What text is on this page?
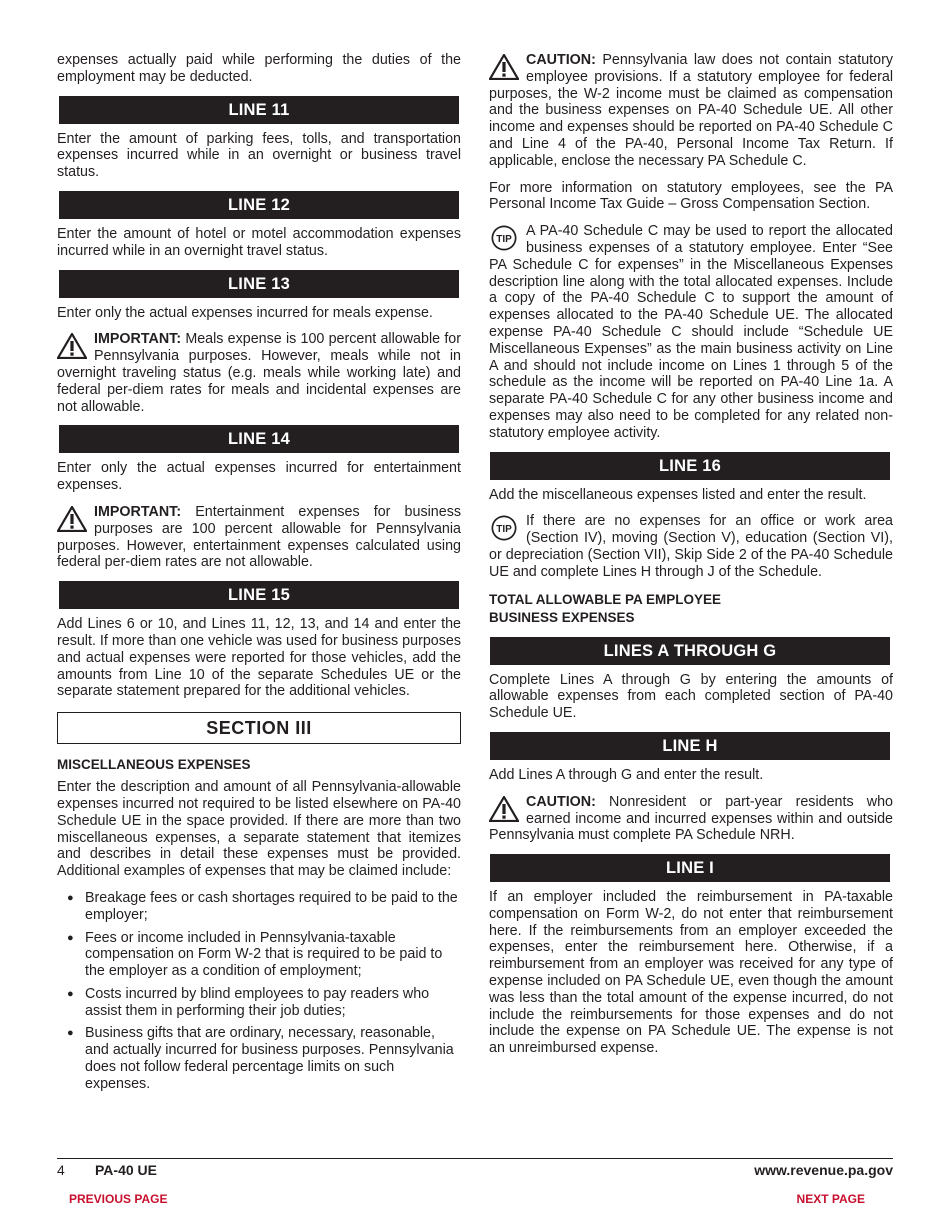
expenses actually paid while performing the duties of the employment may be deducted.

LINE 11

Enter the amount of parking fees, tolls, and transportation expenses incurred while in an overnight or business travel status.

LINE 12

Enter the amount of hotel or motel accommodation expenses incurred while in an overnight travel status.

LINE 13

Enter only the actual expenses incurred for meals expense.

IMPORTANT: Meals expense is 100 percent allowable for Pennsylvania purposes. However, meals while not in overnight traveling status (e.g. meals while working late) and federal per-diem rates for meals and incidental expenses are not allowable.
LINE 14

Enter only the actual expenses incurred for entertainment expenses.

IMPORTANT: Entertainment expenses for business purposes are 100 percent allowable for Pennsylvania purposes. However, entertainment expenses calculated using federal per-diem rates are not allowable.
LINE 15

Add Lines 6 or 10, and Lines 11, 12, 13, and 14 and enter the result. If more than one vehicle was used for business purposes and actual expenses were reported for those vehicles, add the amounts from Line 10 of the separate Schedules UE or the separate statement prepared for the additional vehicles.

SECTION III
MISCELLANEOUS EXPENSES

Enter the description and amount of all Pennsylvania-allowable expenses incurred not required to be listed elsewhere on PA-40 Schedule UE in the space provided. If there are more than two miscellaneous expenses, a separate statement that itemizes and describes in detail these expenses must be provided. Additional examples of expenses that may be claimed include:

● Breakage fees or cash shortages required to be paid to the employer;
● Fees or income included in Pennsylvania-taxable compensation on Form W-2 that is required to be paid to the employer as a condition of employment;
● Costs incurred by blind employees to pay readers who assist them in performing their job duties;
● Business gifts that are ordinary, necessary, reasonable, and actually incurred for business purposes. Pennsylvania does not follow federal percentage limits on such expenses.
CAUTION: Pennsylvania law does not contain statutory employee provisions. If a statutory employee for federal purposes, the W-2 income must be claimed as compensation and the business expenses on PA-40 Schedule UE. All other income and expenses should be reported on PA-40 Schedule C and Line 4 of the PA-40, Personal Income Tax Return. If applicable, enclose the necessary PA Schedule C.

For more information on statutory employees, see the PA Personal Income Tax Guide – Gross Compensation Section.

TIP
A PA-40 Schedule C may be used to report the allocated business expenses of a statutory employee. Enter “See PA Schedule C for expenses” in the Miscellaneous Expenses description line along with the total allocated expenses. Include a copy of the PA-40 Schedule C to support the amount of expenses allocated to the PA-40 Schedule UE. The allocated expense PA-40 Schedule C should include “Schedule UE Miscellaneous Expenses” as the main business activity on Line A and should not include income on Lines 1 through 5 of the schedule as the income will be reported on PA-40 Line 1a. A separate PA-40 Schedule C for any other business income and expenses may also need to be completed for any related non-statutory employee activity.
LINE 16

Add the miscellaneous expenses listed and enter the result.

TIP
If there are no expenses for an office or work area (Section IV), moving (Section V), education (Section VI), or depreciation (Section VII), Skip Side 2 of the PA-40 Schedule UE and complete Lines H through J of the Schedule.
TOTAL ALLOWABLE PA EMPLOYEE
BUSINESS EXPENSES
LINES A THROUGH G

Complete Lines A through G by entering the amounts of allowable expenses from each completed section of PA-40 Schedule UE.

LINE H

Add Lines A through G and enter the result.

CAUTION: Nonresident or part-year residents who earned income and incurred expenses within and outside Pennsylvania must complete PA Schedule NRH.
LINE I

If an employer included the reimbursement in PA-taxable compensation on Form W-2, do not enter that reimbursement here. If the reimbursements from an employer exceeded the expenses, enter the reimbursement here. Otherwise, if a reimbursement from an employer was received for any type of expense included on PA Schedule UE, even though the amount was less than the total amount of the expense incurred, do not include the reimbursements for those expenses and do not include the expense on PA Schedule UE. The expense is not an unreimbursed expense.

4 PA-40 UE	www.revenue.pa.gov
PREVIOUS PAGE	NEXT PAGE
